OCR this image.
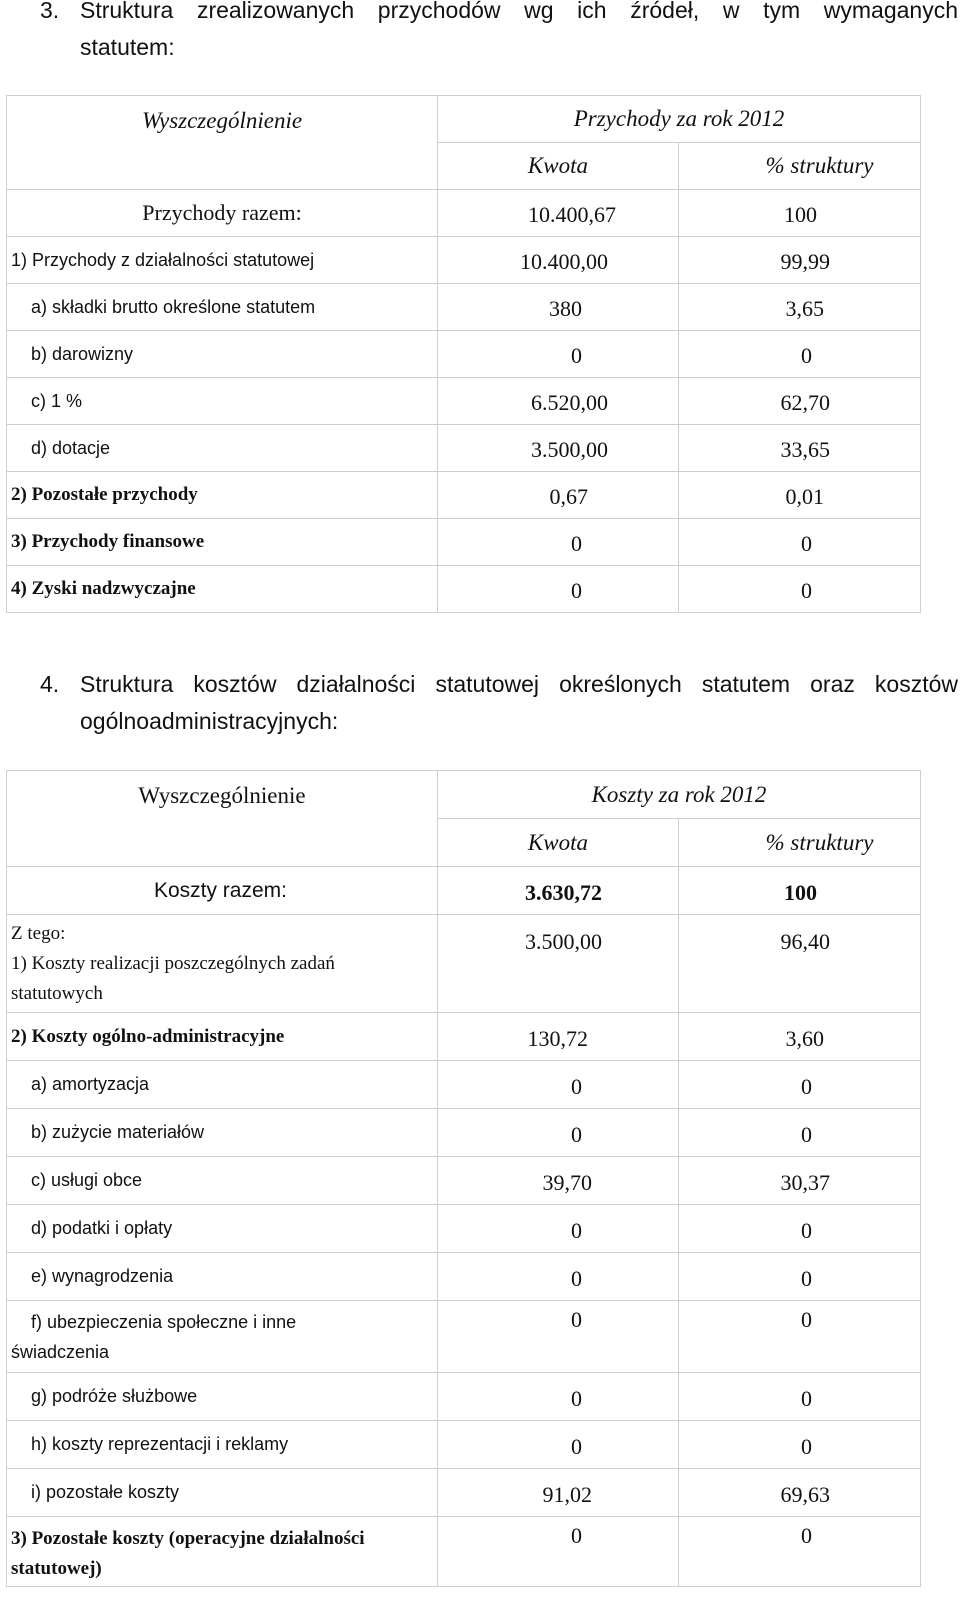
3. Struktura zrealizowanych przychodów wg ich źródeł, w tym wymaganych
statutem:
Wyszczególnienie	Przychody za rok 2012	
	Kwota	% struktury
Przychody razem:	10.400,67	100
1) Przychody z działalności statutowej	10.400,00	99,99
a) składki brutto określone statutem	380	3,65
b) darowizny	0	0
c) 1 %	6.520,00	62,70
d) dotacje	3.500,00	33,65
2) Pozostałe przychody	0,67	0,01
3) Przychody finansowe	0	0
4) Zyski nadzwyczajne	0	0
4. Struktura kosztów działalności statutowej określonych statutem oraz kosztów
ogólnoadministracyjnych:
Wyszczególnienie	Koszty za rok 2012	
	Kwota	% struktury
Koszty razem:	3.630,72	100

Z tego:
1) Koszty realizacji poszczególnych zadań
statutowych	3.500,00	96,40
2) Koszty ogólno-administracyjne	130,72	3,60
a) amortyzacja	0	0
b) zużycie materiałów	0	0
c) usługi obce	39,70	30,37
d) podatki i opłaty	0	0
e) wynagrodzenia	0	0

f) ubezpieczenia społeczne i inne
świadczenia	0	0
g) podróże służbowe	0	0
h) koszty reprezentacji i reklamy	0	0
i) pozostałe koszty	91,02	69,63

3) Pozostałe koszty (operacyjne działalności
statutowej)	0	0
